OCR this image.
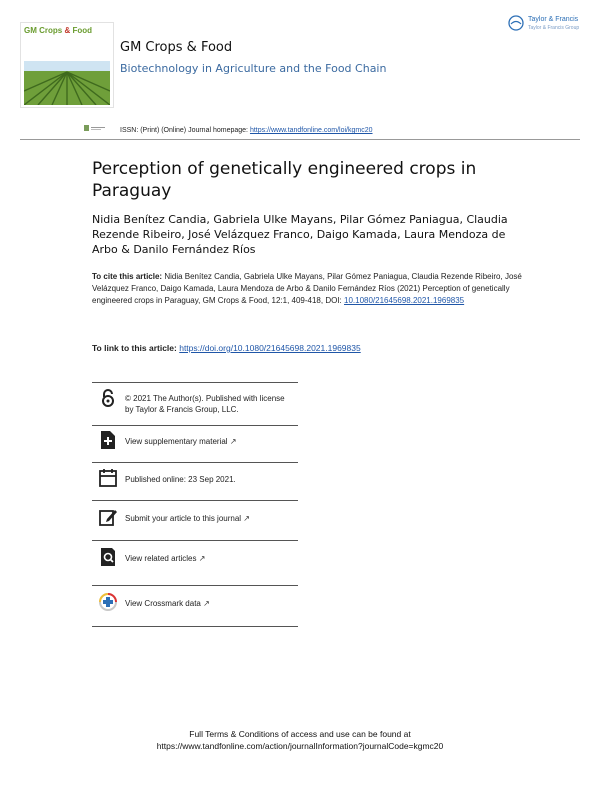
GM Crops & Food
GM Crops & Food
Biotechnology in Agriculture and the Food Chain
Taylor & Francis
Taylor & Francis Group
ISSN: (Print) (Online) Journal homepage: https://www.tandfonline.com/loi/kgmc20
Perception of genetically engineered crops in Paraguay
Nidia Benítez Candia, Gabriela Ulke Mayans, Pilar Gómez Paniagua, Claudia Rezende Ribeiro, José Velázquez Franco, Daigo Kamada, Laura Mendoza de Arbo & Danilo Fernández Ríos
To cite this article: Nidia Benítez Candia, Gabriela Ulke Mayans, Pilar Gómez Paniagua, Claudia Rezende Ribeiro, José Velázquez Franco, Daigo Kamada, Laura Mendoza de Arbo & Danilo Fernández Ríos (2021) Perception of genetically engineered crops in Paraguay, GM Crops & Food, 12:1, 409-418, DOI: 10.1080/21645698.2021.1969835
To link to this article: https://doi.org/10.1080/21645698.2021.1969835
© 2021 The Author(s). Published with license by Taylor & Francis Group, LLC.
View supplementary material ↗
Published online: 23 Sep 2021.
Submit your article to this journal ↗
View related articles ↗
View Crossmark data ↗
Full Terms & Conditions of access and use can be found at
https://www.tandfonline.com/action/journalInformation?journalCode=kgmc20
